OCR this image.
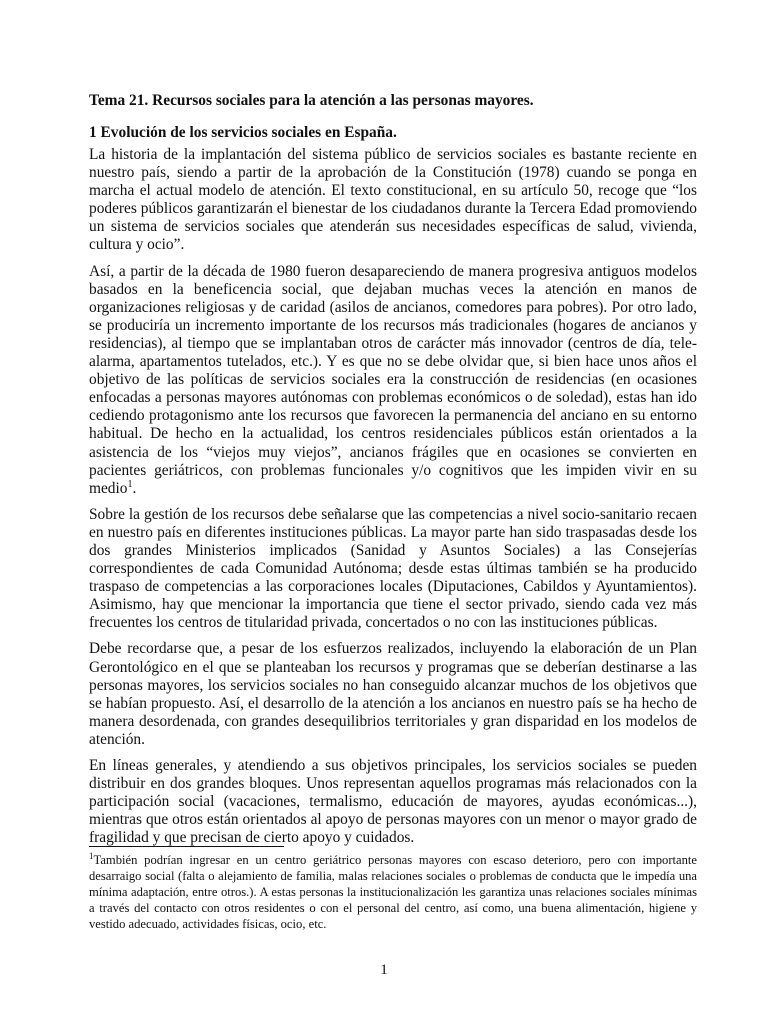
Tema 21. Recursos sociales para la atención a las personas mayores.
1 Evolución de los servicios sociales en España.

La historia de la implantación del sistema público de servicios sociales es bastante reciente en nuestro país, siendo a partir de la aprobación de la Constitución (1978) cuando se ponga en marcha el actual modelo de atención. El texto constitucional, en su artículo 50, recoge que “los poderes públicos garantizarán el bienestar de los ciudadanos durante la Tercera Edad promoviendo un sistema de servicios sociales que atenderán sus necesidades específicas de salud, vivienda, cultura y ocio”.

Así, a partir de la década de 1980 fueron desapareciendo de manera progresiva antiguos modelos basados en la beneficencia social, que dejaban muchas veces la atención en manos de organizaciones religiosas y de caridad (asilos de ancianos, comedores para pobres). Por otro lado, se produciría un incremento importante de los recursos más tradicionales (hogares de ancianos y residencias), al tiempo que se implantaban otros de carácter más innovador (centros de día, tele-alarma, apartamentos tutelados, etc.). Y es que no se debe olvidar que, si bien hace unos años el objetivo de las políticas de servicios sociales era la construcción de residencias (en ocasiones enfocadas a personas mayores autónomas con problemas económicos o de soledad), estas han ido cediendo protagonismo ante los recursos que favorecen la permanencia del anciano en su entorno habitual. De hecho en la actualidad, los centros residenciales públicos están orientados a la asistencia de los “viejos muy viejos”, ancianos frágiles que en ocasiones se convierten en pacientes geriátricos, con problemas funcionales y/o cognitivos que les impiden vivir en su medio$^1$.

Sobre la gestión de los recursos debe señalarse que las competencias a nivel socio-sanitario recaen en nuestro país en diferentes instituciones públicas. La mayor parte han sido traspasadas desde los dos grandes Ministerios implicados (Sanidad y Asuntos Sociales) a las Consejerías correspondientes de cada Comunidad Autónoma; desde estas últimas también se ha producido traspaso de competencias a las corporaciones locales (Diputaciones, Cabildos y Ayuntamientos). Asimismo, hay que mencionar la importancia que tiene el sector privado, siendo cada vez más frecuentes los centros de titularidad privada, concertados o no con las instituciones públicas.

Debe recordarse que, a pesar de los esfuerzos realizados, incluyendo la elaboración de un Plan Gerontológico en el que se planteaban los recursos y programas que se deberían destinarse a las personas mayores, los servicios sociales no han conseguido alcanzar muchos de los objetivos que se habían propuesto. Así, el desarrollo de la atención a los ancianos en nuestro país se ha hecho de manera desordenada, con grandes desequilibrios territoriales y gran disparidad en los modelos de atención.

En líneas generales, y atendiendo a sus objetivos principales, los servicios sociales se pueden distribuir en dos grandes bloques. Unos representan aquellos programas más relacionados con la participación social (vacaciones, termalismo, educación de mayores, ayudas económicas...), mientras que otros están orientados al apoyo de personas mayores con un menor o mayor grado de fragilidad y que precisan de cierto apoyo y cuidados.

$^1$También podrían ingresar en un centro geriátrico personas mayores con escaso deterioro, pero con importante desarraigo social (falta o alejamiento de familia, malas relaciones sociales o problemas de conducta que le impedía una mínima adaptación, entre otros.). A estas personas la institucionalización les garantiza unas relaciones sociales mínimas a través del contacto con otros residentes o con el personal del centro, así como, una buena alimentación, higiene y vestido adecuado, actividades físicas, ocio, etc.

1
